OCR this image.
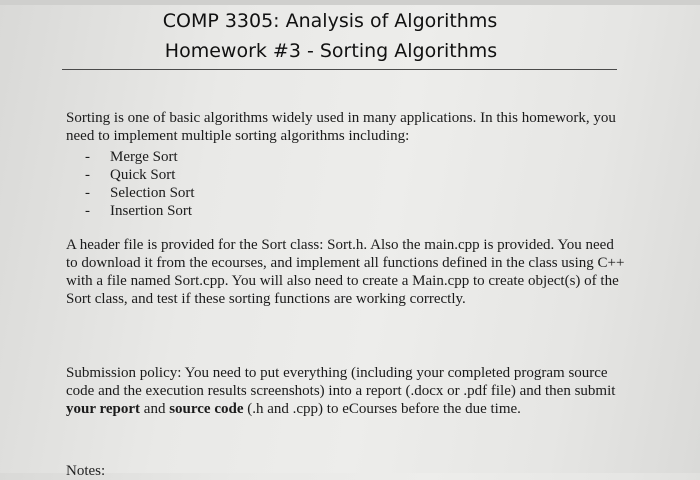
COMP 3305: Analysis of Algorithms
Homework #3 - Sorting Algorithms

Sorting is one of basic algorithms widely used in many applications. In this homework, you need to implement multiple sorting algorithms including:

- Merge Sort
- Quick Sort
- Selection Sort
- Insertion Sort

A header file is provided for the Sort class: Sort.h. Also the main.cpp is provided. You need to download it from the ecourses, and implement all functions defined in the class using C++ with a file named Sort.cpp. You will also need to create a Main.cpp to create object(s) of the Sort class, and test if these sorting functions are working correctly.

Submission policy: You need to put everything (including your completed program source code and the execution results screenshots) into a report (.docx or .pdf file) and then submit your report and source code (.h and .cpp) to eCourses before the due time.

Notes:
